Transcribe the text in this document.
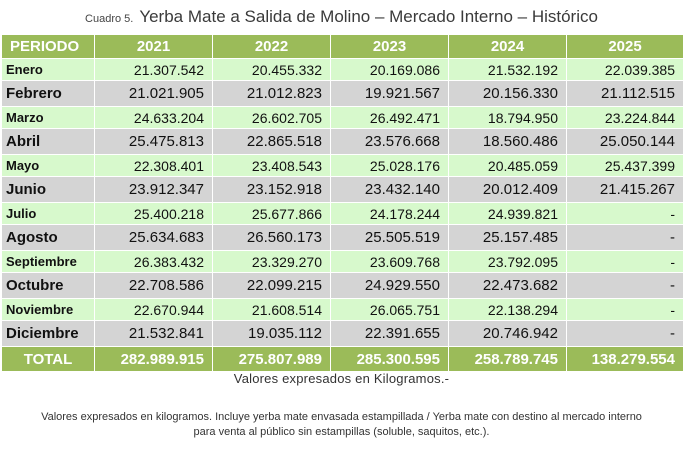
Cuadro 5. Yerba Mate a Salida de Molino – Mercado Interno – Histórico
PERIODO	2021	2022	2023	2024	2025
Enero	21.307.542	20.455.332	20.169.086	21.532.192	22.039.385
Febrero	21.021.905	21.012.823	19.921.567	20.156.330	21.112.515
Marzo	24.633.204	26.602.705	26.492.471	18.794.950	23.224.844
Abril	25.475.813	22.865.518	23.576.668	18.560.486	25.050.144
Mayo	22.308.401	23.408.543	25.028.176	20.485.059	25.437.399
Junio	23.912.347	23.152.918	23.432.140	20.012.409	21.415.267
Julio	25.400.218	25.677.866	24.178.244	24.939.821	-
Agosto	25.634.683	26.560.173	25.505.519	25.157.485	-
Septiembre	26.383.432	23.329.270	23.609.768	23.792.095	-
Octubre	22.708.586	22.099.215	24.929.550	22.473.682	-
Noviembre	22.670.944	21.608.514	26.065.751	22.138.294	-
Diciembre	21.532.841	19.035.112	22.391.655	20.746.942	-
TOTAL	282.989.915	275.807.989	285.300.595	258.789.745	138.279.554
Valores expresados en Kilogramos.-
Valores expresados en kilogramos. Incluye yerba mate envasada estampillada / Yerba mate con destino al mercado interno
para venta al público sin estampillas (soluble, saquitos, etc.).
